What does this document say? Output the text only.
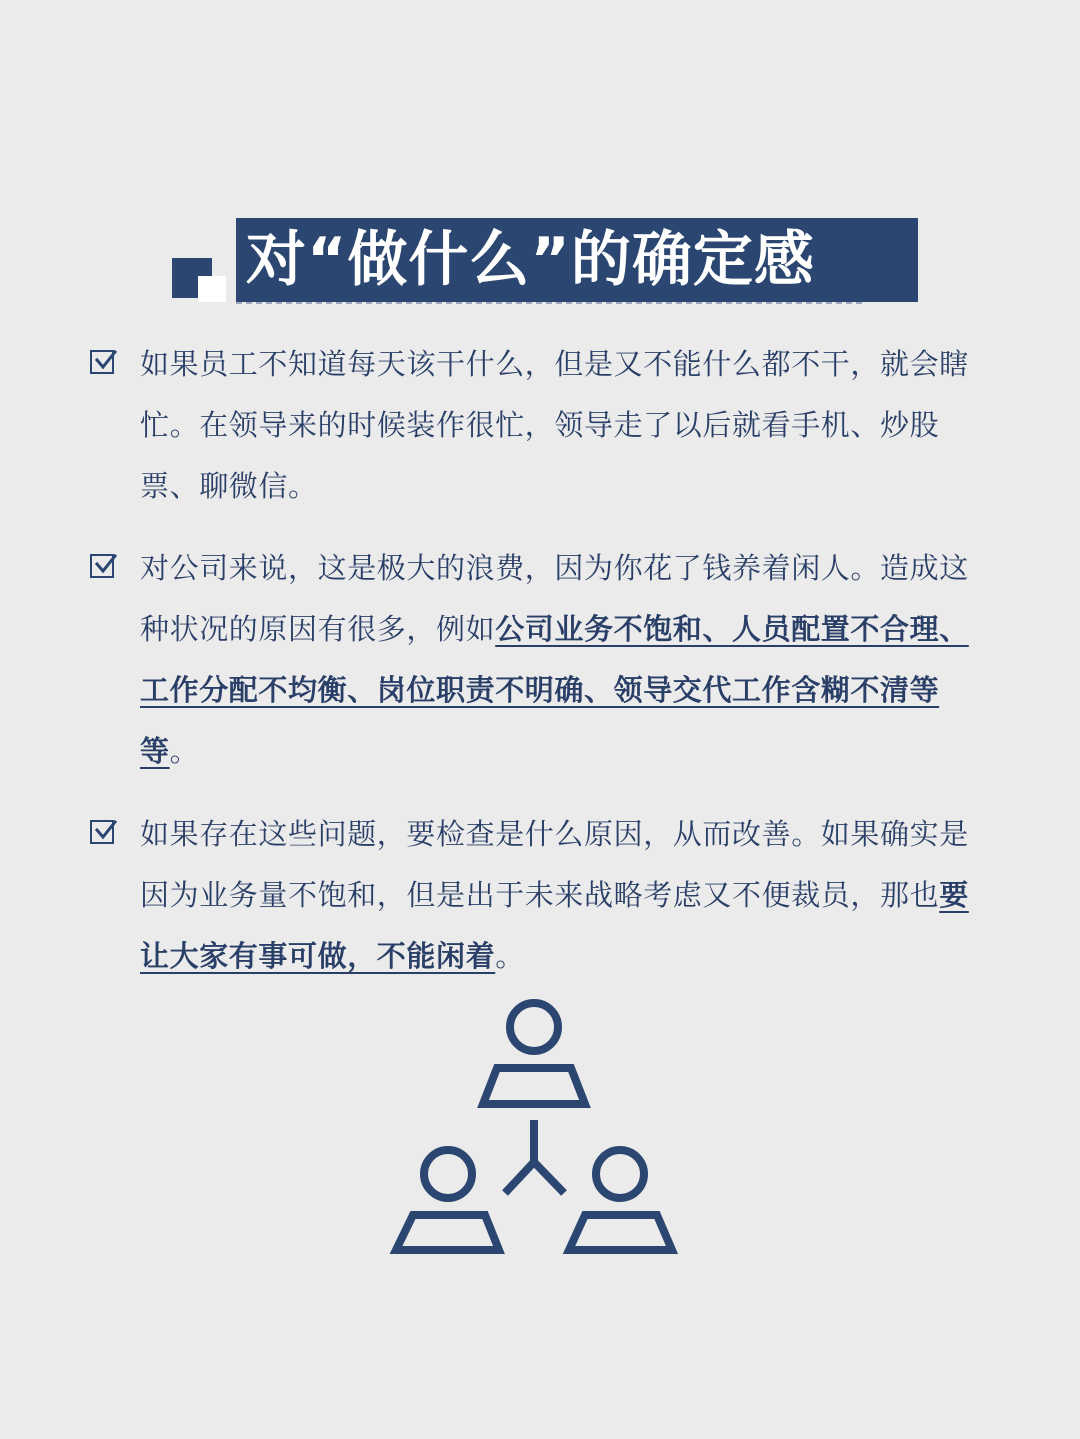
对“做什么”的确定感
如果员工不知道每天该干什么，但是又不能什么都不干，就会瞎忙。在领导来的时候装作很忙，领导走了以后就看手机、炒股票、聊微信。
对公司来说，这是极大的浪费，因为你花了钱养着闲人。造成这种状况的原因有很多，例如公司业务不饱和、人员配置不合理、工作分配不均衡、岗位职责不明确、领导交代工作含糊不清等等。
如果存在这些问题，要检查是什么原因，从而改善。如果确实是因为业务量不饱和，但是出于未来战略考虑又不便裁员，那也要让大家有事可做，不能闲着。
